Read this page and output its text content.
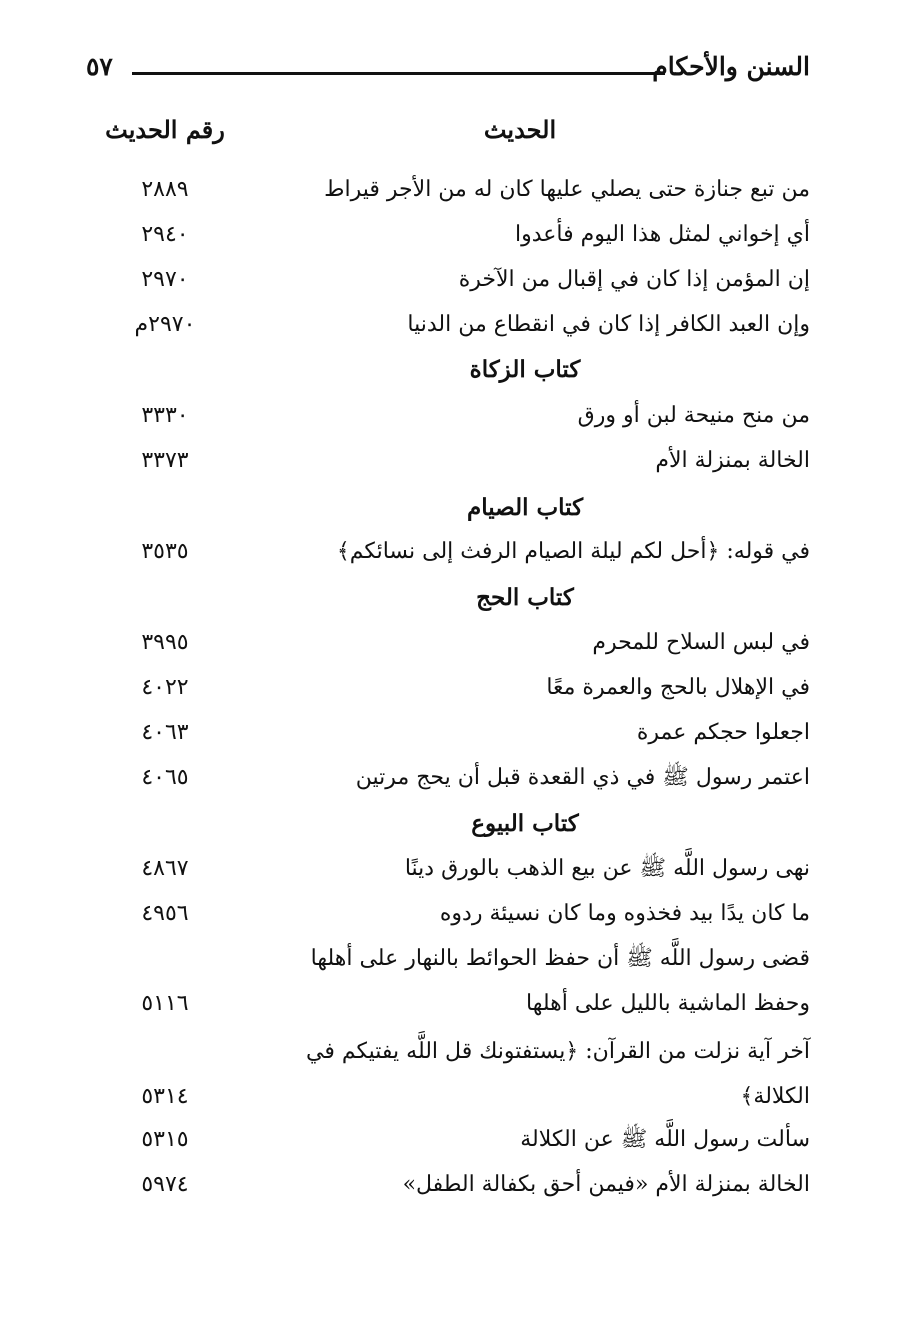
السنن والأحكام
٥٧
الحديث
رقم الحديث
من تبع جنازة حتى يصلي عليها كان له من الأجر قيراط
٢٨٨٩
أي إخواني لمثل هذا اليوم فأعدوا
٢٩٤٠
إن المؤمن إذا كان في إقبال من الآخرة
٢٩٧٠
وإن العبد الكافر إذا كان في انقطاع من الدنيا
٢٩٧٠م
كتاب الزكاة
من منح منيحة لبن أو ورق
٣٣٣٠
الخالة بمنزلة الأم
٣٣٧٣
كتاب الصيام
في قوله: ﴿أحل لكم ليلة الصيام الرفث إلى نسائكم﴾
٣٥٣٥
كتاب الحج
في لبس السلاح للمحرم
٣٩٩٥
في الإهلال بالحج والعمرة معًا
٤٠٢٢
اجعلوا حجكم عمرة
٤٠٦٣
اعتمر رسول ﷺ في ذي القعدة قبل أن يحج مرتين
٤٠٦٥
كتاب البيوع
نهى رسول اللَّه ﷺ عن بيع الذهب بالورق دينًا
٤٨٦٧
ما كان يدًا بيد فخذوه وما كان نسيئة ردوه
٤٩٥٦
قضى رسول اللَّه ﷺ أن حفظ الحوائط بالنهار على أهلها
وحفظ الماشية بالليل على أهلها
٥١١٦
آخر آية نزلت من القرآن: ﴿يستفتونك قل اللَّه يفتيكم في الكلالة﴾
٥٣١٤
سألت رسول اللَّه ﷺ عن الكلالة
٥٣١٥
الخالة بمنزلة الأم «فيمن أحق بكفالة الطفل»
٥٩٧٤
